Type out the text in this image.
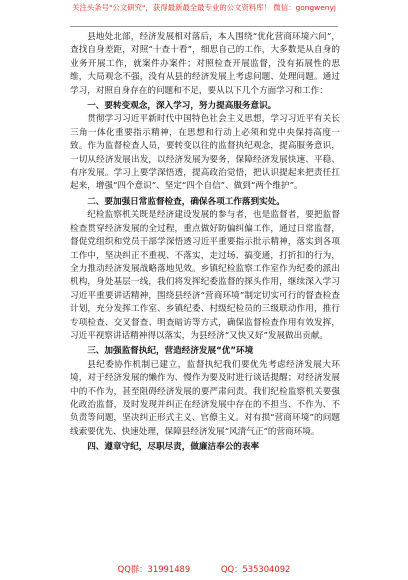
关注头条号"公文研究"，获得最新最全最专业的公文资料库！ 微信：gongwenyj

县地处北部，经济发展相对落后，本人围绕“优化营商环境六问”，查找自身差距，对照“十查十看”，细思自己的工作，大多数是从自身的业务开展工作，就案件办案件；对照检查开展监督，没有拓展性的思维，大局观念不强，没有从县的经济发展上考虑问题、处理问题。通过学习，对照自身存在的问题和不足，要从以下几个方面学习和工作：

一、要转变观念，深入学习，努力提高服务意识。

贯彻学习习近平新时代中国特色社会主义思想，学习习近平有关长三角一体化重要指示精神，在思想和行动上必须和党中央保持高度一致。作为监督检查人员，要转变以往的监督执纪观念，提高服务意识，一切从经济发展出发，以经济发展为要务，保障经济发展快速、平稳、有序发展。学习上要学深悟透，提高政治觉悟，把认识提起来把责任扛起来，增强“四个意识”、坚定“四个自信”、做到“两个维护”。

二、要加强日常监督检查，确保各项工作落到实处。

纪检监察机关既是经济建设发展的参与者，也是监督者，要把监督检查贯穿经济发展的全过程，重点做好防偏纠偏工作，通过日常监督，督促党组织和党员干部学深悟透习近平重要指示批示精神，落实到各项工作中，坚决纠正不重视、不落实，走过场、搞变通，打折扣的行为，全力推动经济发展战略落地见效。乡镇纪检监察工作室作为纪委的派出机构，身处基层一线，我们将发挥纪委监督的探头作用，继续深入学习习近平重要讲话精神，围绕县经济“营商环境”制定切实可行的督查检查计划，充分发挥工作室、乡镇纪委、村级纪检员的三级联动作用，推行专项检查、交叉督查、明查暗访等方式，确保监督检查作用有效发挥，习近平视察讲话精神得以落实，为县经济“又快又好”发展做出贡献。

三、加强监督执纪，营造经济发展“优”环境

县纪委协作机制已建立，监督执纪我们要优先考虑经济发展大环境，对于经济发展的懒作为、慢作为要及时进行谈话提醒；对经济发展中的不作为，甚至阻碍经济发展的要严肃问责。我们纪检监察机关要强化政治监督，及时发现并纠正在经济发展中存在的不担当、不作为、不负责等问题，坚决纠正形式主义、官僚主义。对有损“营商环境”的问题线索要优先、快速处理，保障县经济发展“风清气正”的营商环境。

四、遵章守纪，尽职尽责，做廉洁奉公的表率

QQ群：31991489	QQ：535304092
